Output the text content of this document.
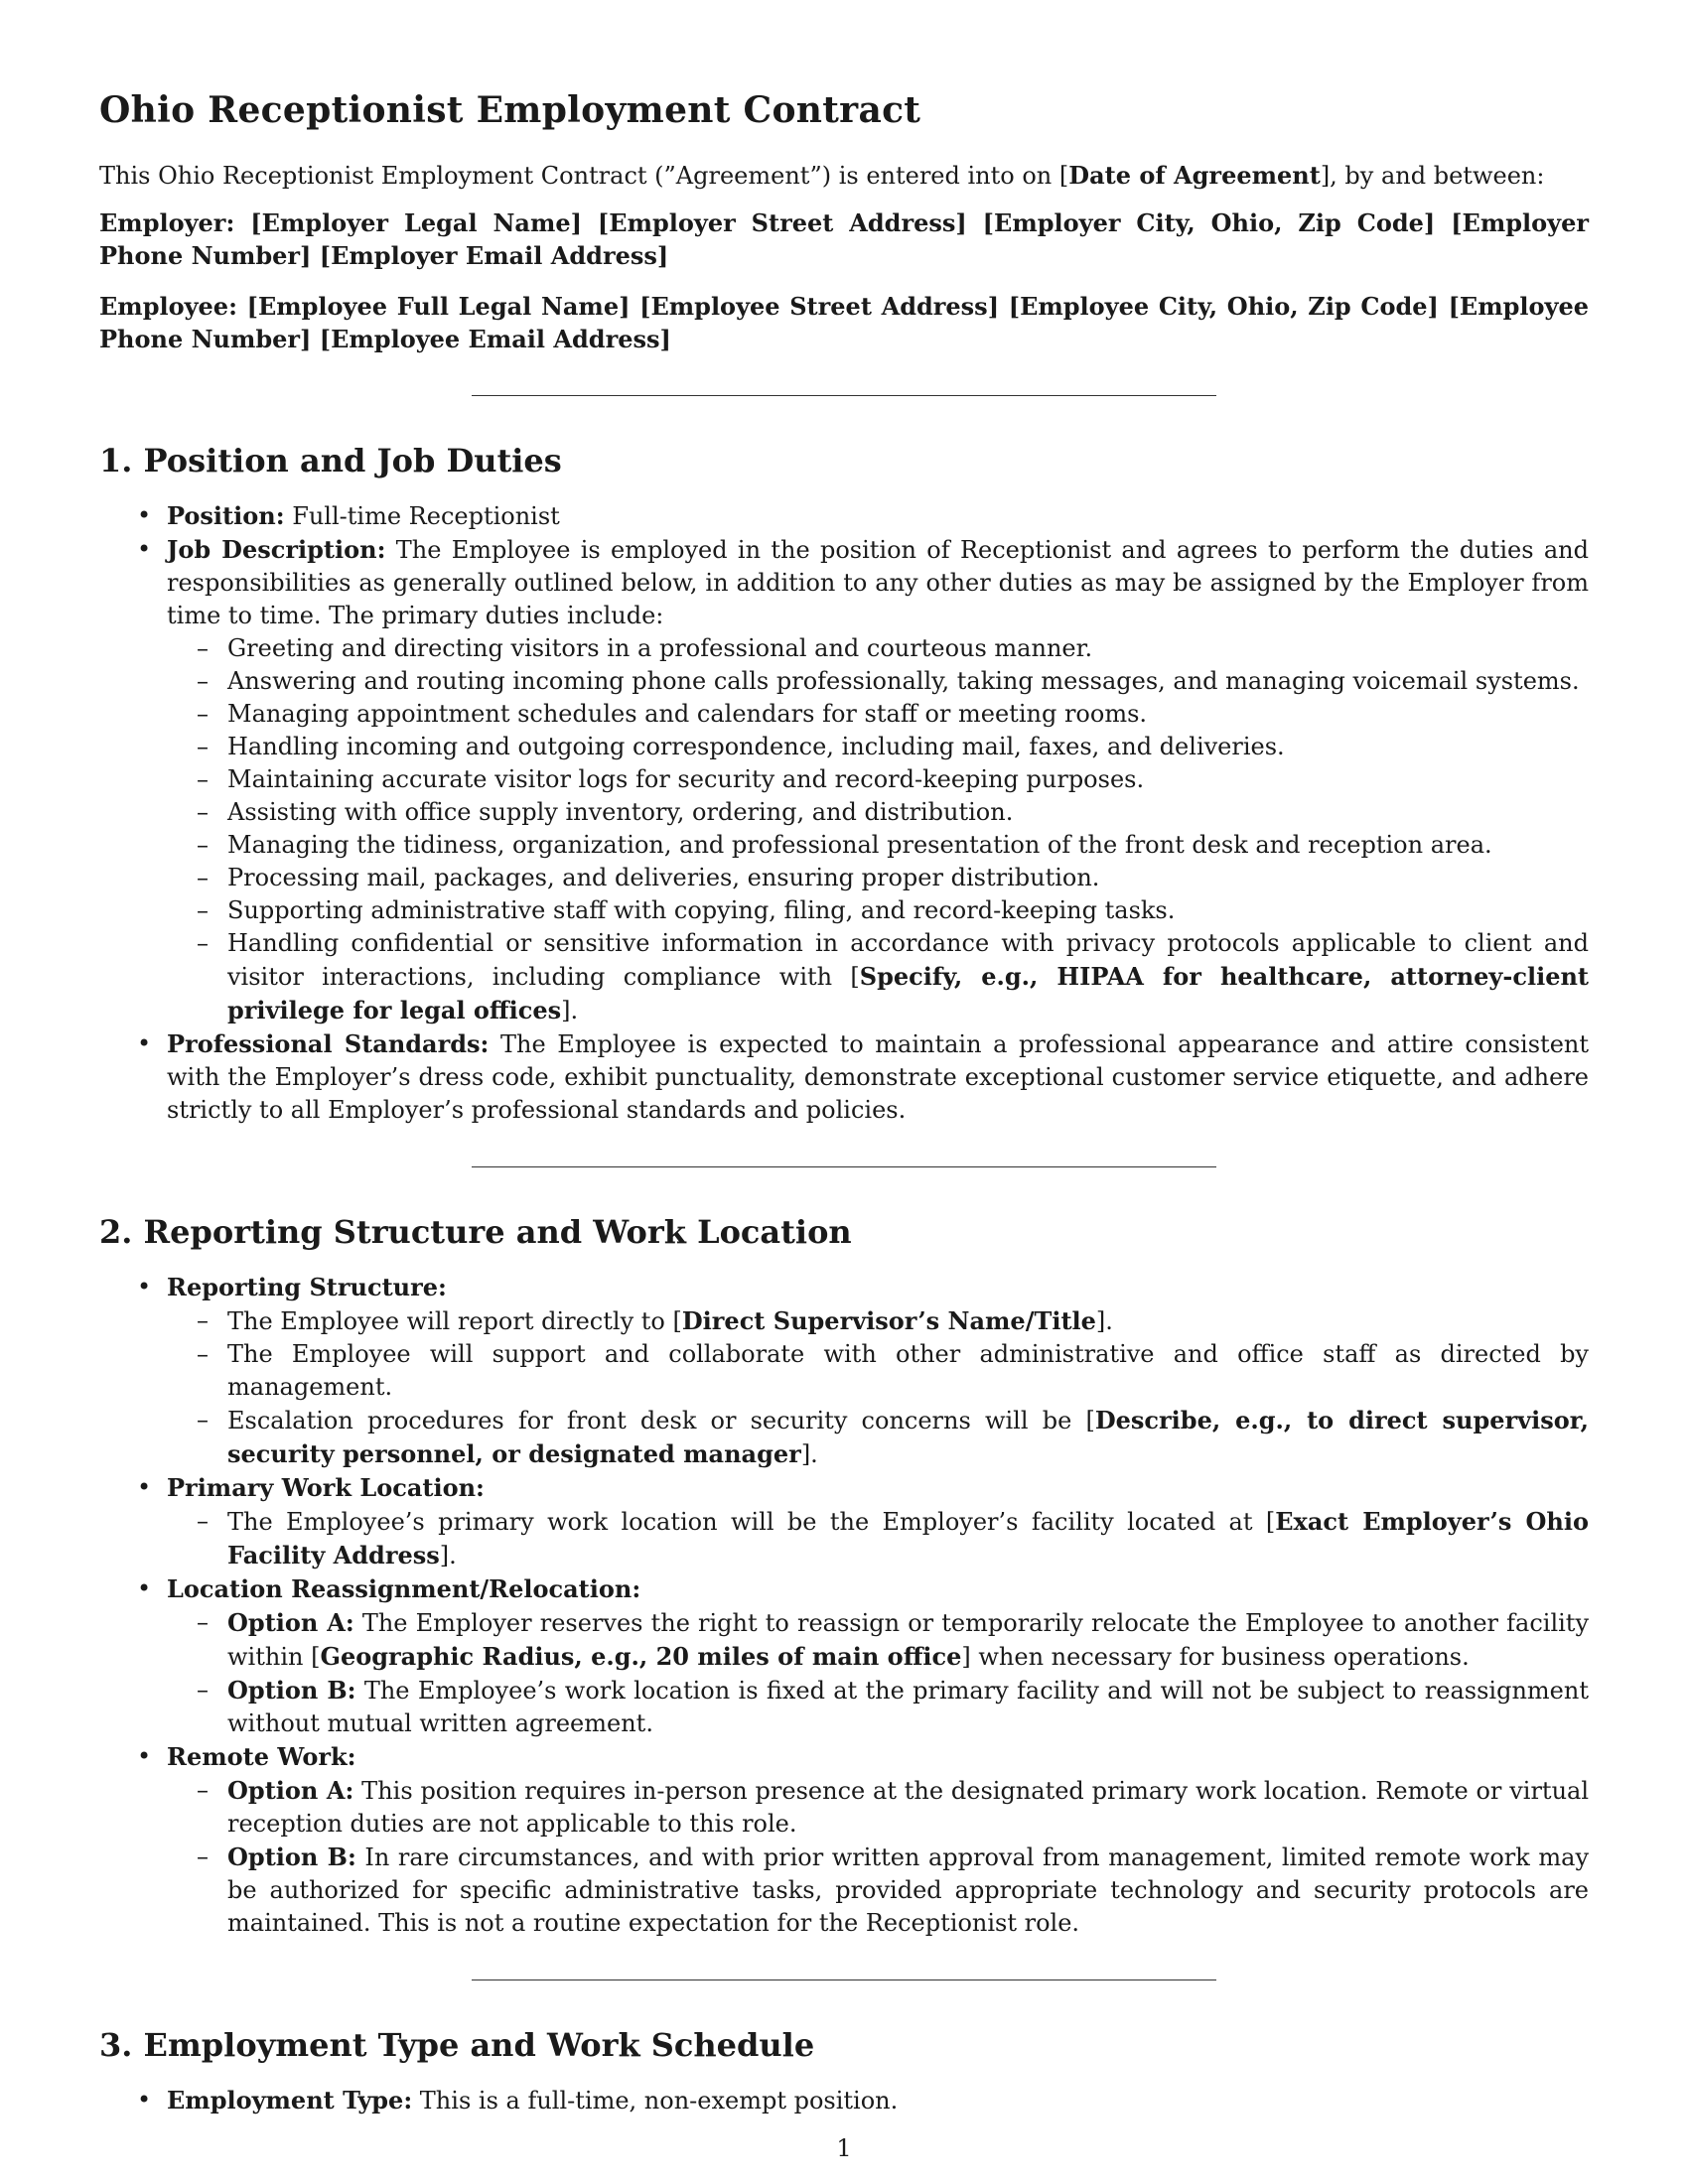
Ohio Receptionist Employment Contract

This Ohio Receptionist Employment Contract (”Agreement”) is entered into on [Date of Agreement], by and between:

Employer: [Employer Legal Name] [Employer Street Address] [Employer City, Ohio, Zip Code] [Employer Phone Number] [Employer Email Address]

Employee: [Employee Full Legal Name] [Employee Street Address] [Employee City, Ohio, Zip Code] [Employee Phone Number] [Employee Email Address]

1. Position and Job Duties
• Position: Full-time Receptionist
• Job Description: The Employee is employed in the position of Receptionist and agrees to perform the duties and responsibilities as generally outlined below, in addition to any other duties as may be assigned by the Employer from time to time. The primary duties include:
– Greeting and directing visitors in a professional and courteous manner.
– Answering and routing incoming phone calls professionally, taking messages, and managing voicemail systems.
– Managing appointment schedules and calendars for staff or meeting rooms.
– Handling incoming and outgoing correspondence, including mail, faxes, and deliveries.
– Maintaining accurate visitor logs for security and record-keeping purposes.
– Assisting with office supply inventory, ordering, and distribution.
– Managing the tidiness, organization, and professional presentation of the front desk and reception area.
– Processing mail, packages, and deliveries, ensuring proper distribution.
– Supporting administrative staff with copying, filing, and record-keeping tasks.
– Handling confidential or sensitive information in accordance with privacy protocols applicable to client and visitor interactions, including compliance with [Specify, e.g., HIPAA for healthcare, attorney-client privilege for legal offices].
• Professional Standards: The Employee is expected to maintain a professional appearance and attire consistent with the Employer’s dress code, exhibit punctuality, demonstrate exceptional customer service etiquette, and adhere strictly to all Employer’s professional standards and policies.
2. Reporting Structure and Work Location
• Reporting Structure:
– The Employee will report directly to [Direct Supervisor’s Name/Title].
– The Employee will support and collaborate with other administrative and office staff as directed by management.
– Escalation procedures for front desk or security concerns will be [Describe, e.g., to direct supervisor, security personnel, or designated manager].
• Primary Work Location:
– The Employee’s primary work location will be the Employer’s facility located at [Exact Employer’s Ohio Facility Address].
• Location Reassignment/Relocation:
– Option A: The Employer reserves the right to reassign or temporarily relocate the Employee to another facility within [Geographic Radius, e.g., 20 miles of main office] when necessary for business operations.
– Option B: The Employee’s work location is fixed at the primary facility and will not be subject to reassignment without mutual written agreement.
• Remote Work:
– Option A: This position requires in-person presence at the designated primary work location. Remote or virtual reception duties are not applicable to this role.
– Option B: In rare circumstances, and with prior written approval from management, limited remote work may be authorized for specific administrative tasks, provided appropriate technology and security protocols are maintained. This is not a routine expectation for the Receptionist role.
3. Employment Type and Work Schedule
• Employment Type: This is a full-time, non-exempt position.
1
